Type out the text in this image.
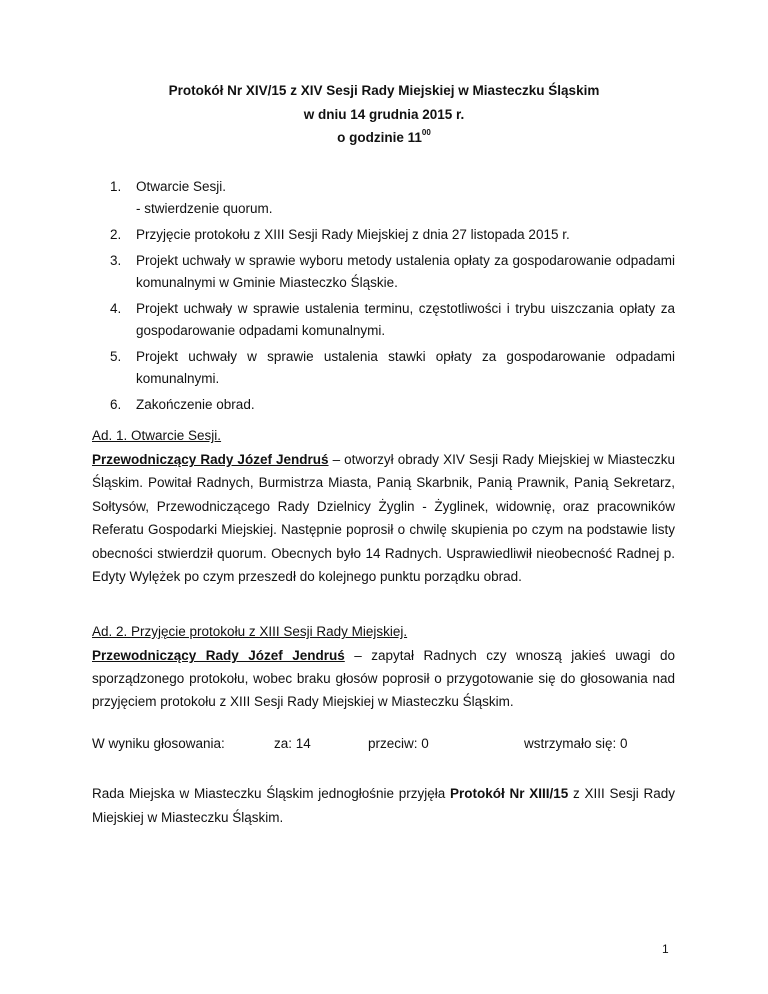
Protokół Nr XIV/15 z XIV Sesji Rady Miejskiej w Miasteczku Śląskim
w dniu 14 grudnia 2015 r.
o godzinie $11^{00}$
1. Otwarcie Sesji.
- stwierdzenie quorum.
2. Przyjęcie protokołu z XIII Sesji Rady Miejskiej z dnia 27 listopada 2015 r.
3. Projekt uchwały w sprawie wyboru metody ustalenia opłaty za gospodarowanie odpadami komunalnymi w Gminie Miasteczko Śląskie.
4. Projekt uchwały w sprawie ustalenia terminu, częstotliwości i trybu uiszczania opłaty za gospodarowanie odpadami komunalnymi.
5. Projekt uchwały w sprawie ustalenia stawki opłaty za gospodarowanie odpadami komunalnymi.
6. Zakończenie obrad.
Ad. 1. Otwarcie Sesji.
Przewodniczący Rady Józef Jendruś – otworzył obrady XIV Sesji Rady Miejskiej w Miasteczku Śląskim. Powitał Radnych, Burmistrza Miasta, Panią Skarbnik, Panią Prawnik, Panią Sekretarz, Sołtysów, Przewodniczącego Rady Dzielnicy Żyglin - Żyglinek, widownię, oraz pracowników Referatu Gospodarki Miejskiej. Następnie poprosił o chwilę skupienia po czym na podstawie listy obecności stwierdził quorum. Obecnych było 14 Radnych. Usprawiedliwił nieobecność Radnej p. Edyty Wylężek po czym przeszedł do kolejnego punktu porządku obrad.
Ad. 2. Przyjęcie protokołu z XIII Sesji Rady Miejskiej.
Przewodniczący Rady Józef Jendruś – zapytał Radnych czy wnoszą jakieś uwagi do sporządzonego protokołu, wobec braku głosów poprosił o przygotowanie się do głosowania nad przyjęciem protokołu z XIII Sesji Rady Miejskiej w Miasteczku Śląskim.
W wyniku głosowania:	za: 14	przeciw: 0	wstrzymało się: 0
Rada Miejska w Miasteczku Śląskim jednogłośnie przyjęła Protokół Nr XIII/15 z XIII Sesji Rady Miejskiej w Miasteczku Śląskim.
1
